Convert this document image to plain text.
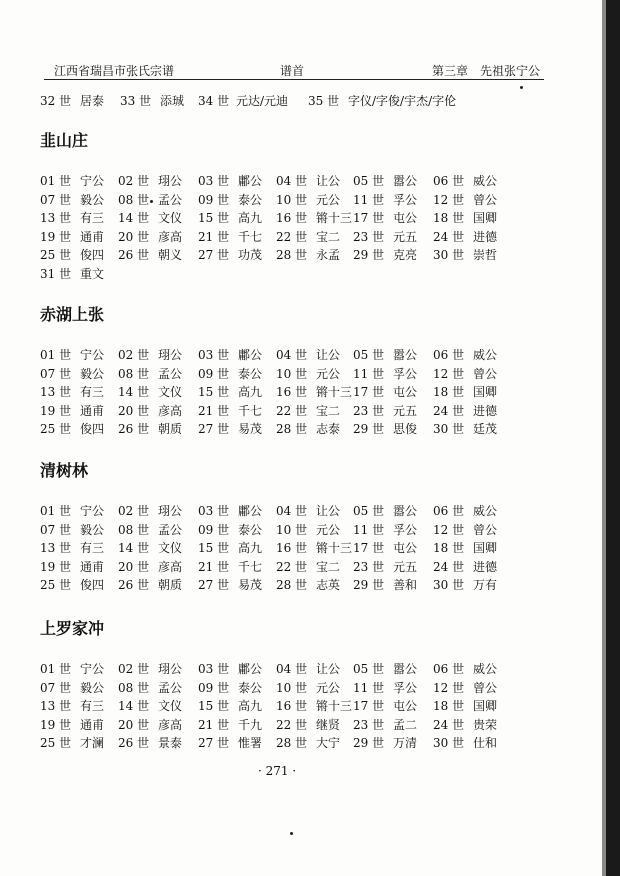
江西省瑞昌市张氏宗谱	谱首	第三章　先祖张宁公
32 世 居泰 33 世 添珹 34 世 元达/元迪 35 世 字仪/字俊/宇杰/字伦
韭山庄
01 世 宁公 02 世 珝公 03 世 鄘公 04 世 让公 05 世 嚣公 06 世 威公
07 世 毅公 08 世 孟公 09 世 泰公 10 世 元公 11 世 孚公 12 世 曾公
13 世 有三 14 世 文仪 15 世 高九 16 世 锵十三 17 世 屯公 18 世 国卿
19 世 通甫 20 世 彦高 21 世 千七 22 世 宝二 23 世 元五 24 世 进德
25 世 俊四 26 世 朝义 27 世 功茂 28 世 永孟 29 世 克亮 30 世 崇哲
31 世 重文
赤湖上张
01 世 宁公 02 世 珝公 03 世 鄘公 04 世 让公 05 世 嚣公 06 世 威公
07 世 毅公 08 世 孟公 09 世 泰公 10 世 元公 11 世 孚公 12 世 曾公
13 世 有三 14 世 文仪 15 世 高九 16 世 锵十三 17 世 屯公 18 世 国卿
19 世 通甫 20 世 彦高 21 世 千七 22 世 宝二 23 世 元五 24 世 进德
25 世 俊四 26 世 朝质 27 世 易茂 28 世 志泰 29 世 思俊 30 世 廷茂
清树林
01 世 宁公 02 世 珝公 03 世 鄘公 04 世 让公 05 世 嚣公 06 世 威公
07 世 毅公 08 世 孟公 09 世 泰公 10 世 元公 11 世 孚公 12 世 曾公
13 世 有三 14 世 文仪 15 世 高九 16 世 锵十三 17 世 屯公 18 世 国卿
19 世 通甫 20 世 彦高 21 世 千七 22 世 宝二 23 世 元五 24 世 进德
25 世 俊四 26 世 朝质 27 世 易茂 28 世 志英 29 世 善和 30 世 万有
上罗家冲
01 世 宁公 02 世 珝公 03 世 鄘公 04 世 让公 05 世 嚣公 06 世 威公
07 世 毅公 08 世 孟公 09 世 泰公 10 世 元公 11 世 孚公 12 世 曾公
13 世 有三 14 世 文仪 15 世 高九 16 世 锵十三 17 世 屯公 18 世 国卿
19 世 通甫 20 世 彦高 21 世 千九 22 世 继贤 23 世 孟二 24 世 贵荣
25 世 才澜 26 世 景泰 27 世 惟署 28 世 大宁 29 世 万清 30 世 仕和
· 271 ·
